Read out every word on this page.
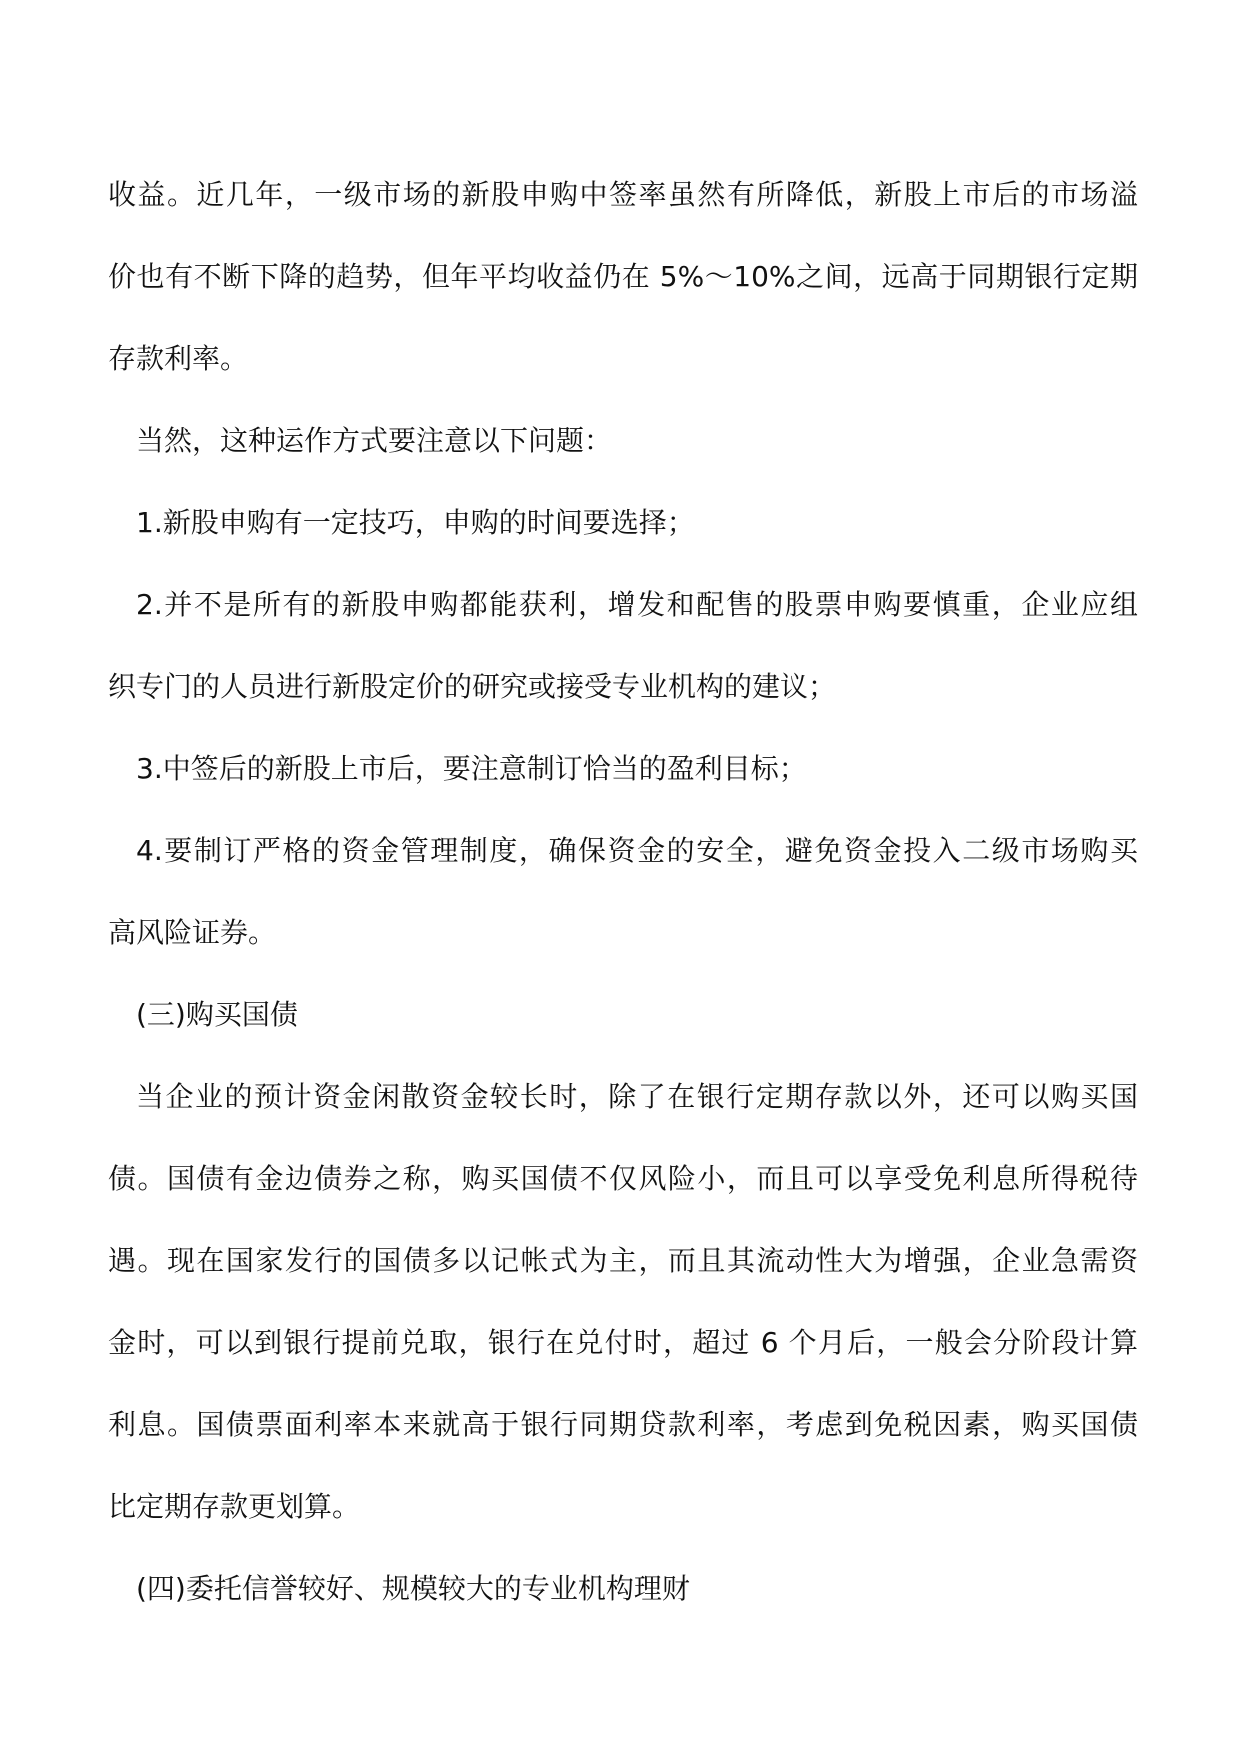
收益。近几年，一级市场的新股申购中签率虽然有所降低，新股上市后的市场溢
价也有不断下降的趋势，但年平均收益仍在 5%～10%之间，远高于同期银行定期
存款利率。
当然，这种运作方式要注意以下问题：
1.新股申购有一定技巧，申购的时间要选择；
2.并不是所有的新股申购都能获利，增发和配售的股票申购要慎重，企业应组
织专门的人员进行新股定价的研究或接受专业机构的建议；
3.中签后的新股上市后，要注意制订恰当的盈利目标；
4.要制订严格的资金管理制度，确保资金的安全，避免资金投入二级市场购买
高风险证券。
(三)购买国债
当企业的预计资金闲散资金较长时，除了在银行定期存款以外，还可以购买国
债。国债有金边债券之称，购买国债不仅风险小，而且可以享受免利息所得税待
遇。现在国家发行的国债多以记帐式为主，而且其流动性大为增强，企业急需资
金时，可以到银行提前兑取，银行在兑付时，超过 6 个月后，一般会分阶段计算
利息。国债票面利率本来就高于银行同期贷款利率，考虑到免税因素，购买国债
比定期存款更划算。
(四)委托信誉较好、规模较大的专业机构理财
